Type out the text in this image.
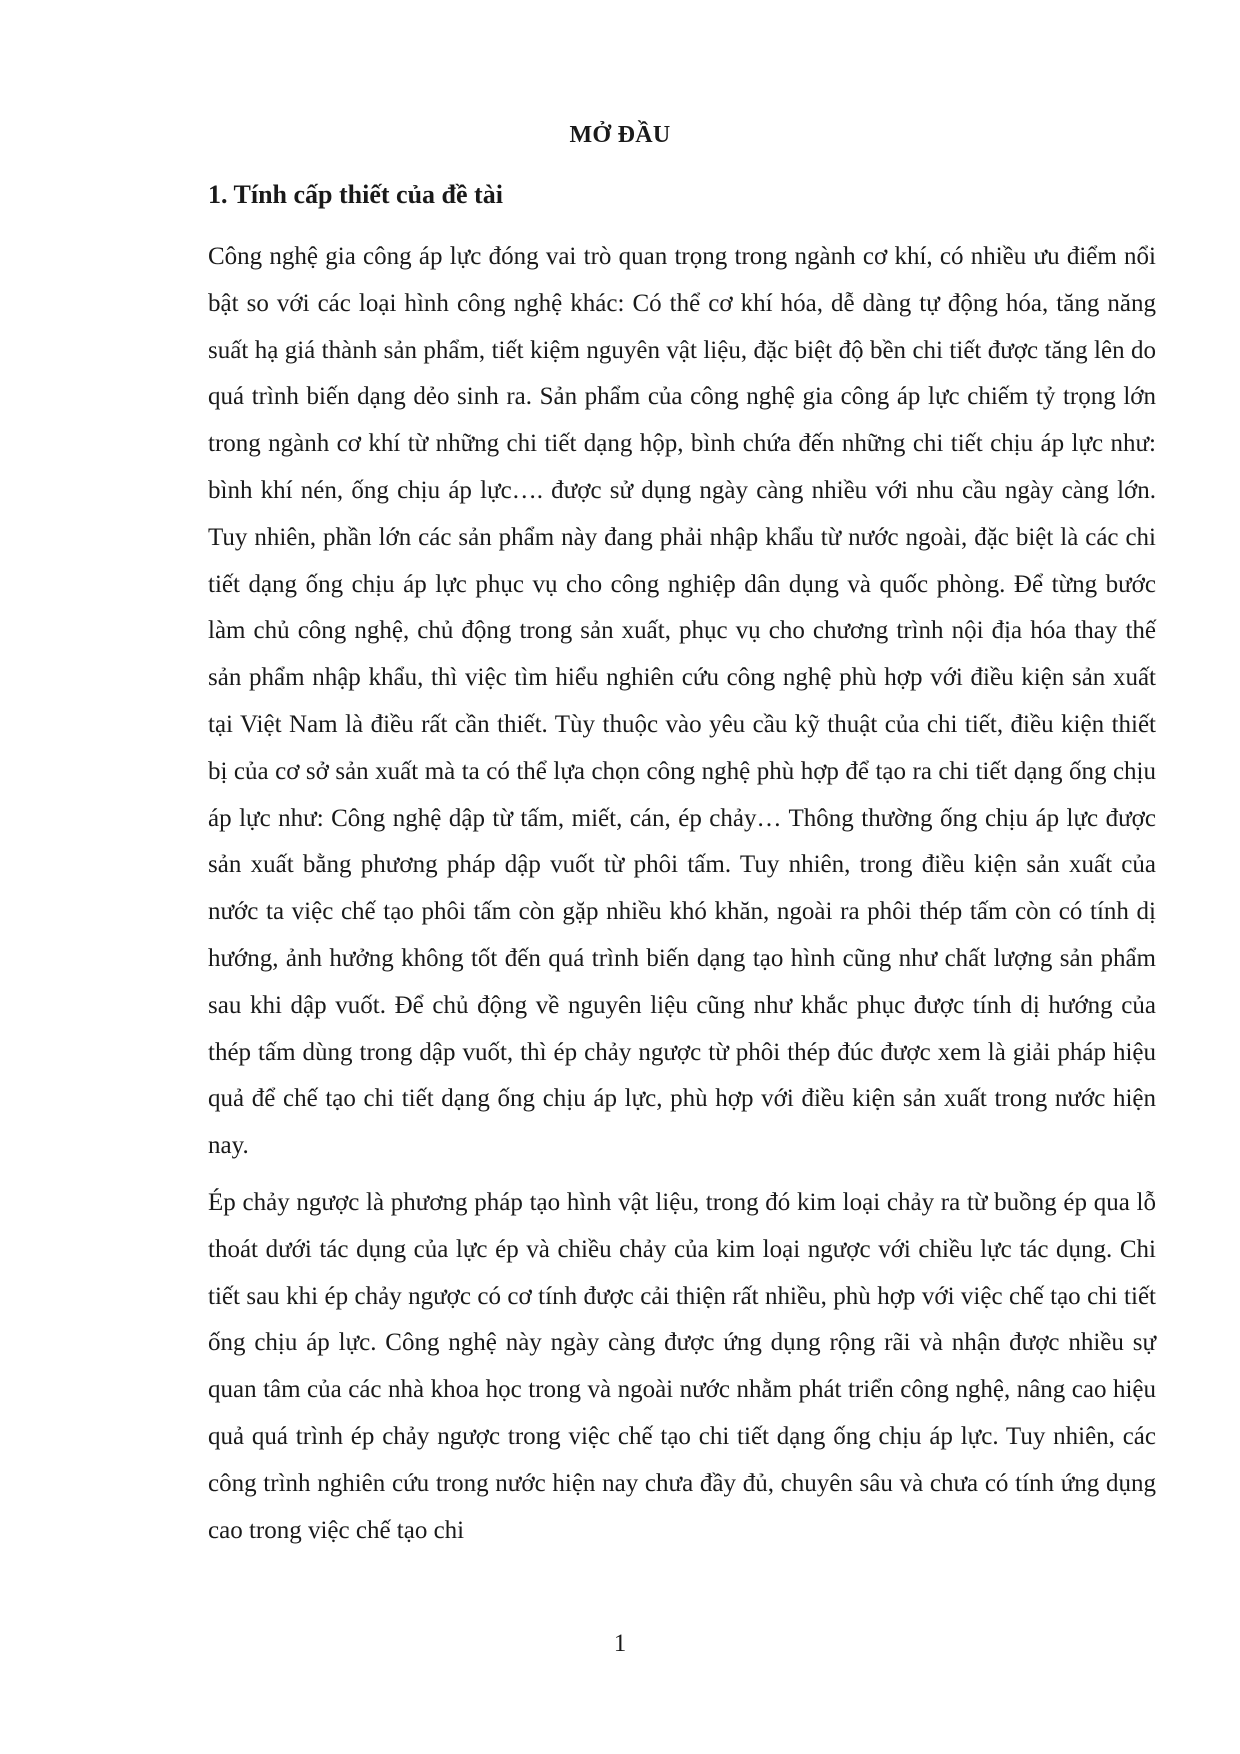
MỞ ĐẦU
1. Tính cấp thiết của đề tài

Công nghệ gia công áp lực đóng vai trò quan trọng trong ngành cơ khí, có nhiều ưu điểm nổi bật so với các loại hình công nghệ khác: Có thể cơ khí hóa, dễ dàng tự động hóa, tăng năng suất hạ giá thành sản phẩm, tiết kiệm nguyên vật liệu, đặc biệt độ bền chi tiết được tăng lên do quá trình biến dạng dẻo sinh ra. Sản phẩm của công nghệ gia công áp lực chiếm tỷ trọng lớn trong ngành cơ khí từ những chi tiết dạng hộp, bình chứa đến những chi tiết chịu áp lực như: bình khí nén, ống chịu áp lực…. được sử dụng ngày càng nhiều với nhu cầu ngày càng lớn. Tuy nhiên, phần lớn các sản phẩm này đang phải nhập khẩu từ nước ngoài, đặc biệt là các chi tiết dạng ống chịu áp lực phục vụ cho công nghiệp dân dụng và quốc phòng. Để từng bước làm chủ công nghệ, chủ động trong sản xuất, phục vụ cho chương trình nội địa hóa thay thế sản phẩm nhập khẩu, thì việc tìm hiểu nghiên cứu công nghệ phù hợp với điều kiện sản xuất tại Việt Nam là điều rất cần thiết. Tùy thuộc vào yêu cầu kỹ thuật của chi tiết, điều kiện thiết bị của cơ sở sản xuất mà ta có thể lựa chọn công nghệ phù hợp để tạo ra chi tiết dạng ống chịu áp lực như: Công nghệ dập từ tấm, miết, cán, ép chảy… Thông thường ống chịu áp lực được sản xuất bằng phương pháp dập vuốt từ phôi tấm. Tuy nhiên, trong điều kiện sản xuất của nước ta việc chế tạo phôi tấm còn gặp nhiều khó khăn, ngoài ra phôi thép tấm còn có tính dị hướng, ảnh hưởng không tốt đến quá trình biến dạng tạo hình cũng như chất lượng sản phẩm sau khi dập vuốt. Để chủ động về nguyên liệu cũng như khắc phục được tính dị hướng của thép tấm dùng trong dập vuốt, thì ép chảy ngược từ phôi thép đúc được xem là giải pháp hiệu quả để chế tạo chi tiết dạng ống chịu áp lực, phù hợp với điều kiện sản xuất trong nước hiện nay.

Ép chảy ngược là phương pháp tạo hình vật liệu, trong đó kim loại chảy ra từ buồng ép qua lỗ thoát dưới tác dụng của lực ép và chiều chảy của kim loại ngược với chiều lực tác dụng. Chi tiết sau khi ép chảy ngược có cơ tính được cải thiện rất nhiều, phù hợp với việc chế tạo chi tiết ống chịu áp lực. Công nghệ này ngày càng được ứng dụng rộng rãi và nhận được nhiều sự quan tâm của các nhà khoa học trong và ngoài nước nhằm phát triển công nghệ, nâng cao hiệu quả quá trình ép chảy ngược trong việc chế tạo chi tiết dạng ống chịu áp lực. Tuy nhiên, các công trình nghiên cứu trong nước hiện nay chưa đầy đủ, chuyên sâu và chưa có tính ứng dụng cao trong việc chế tạo chi

1
